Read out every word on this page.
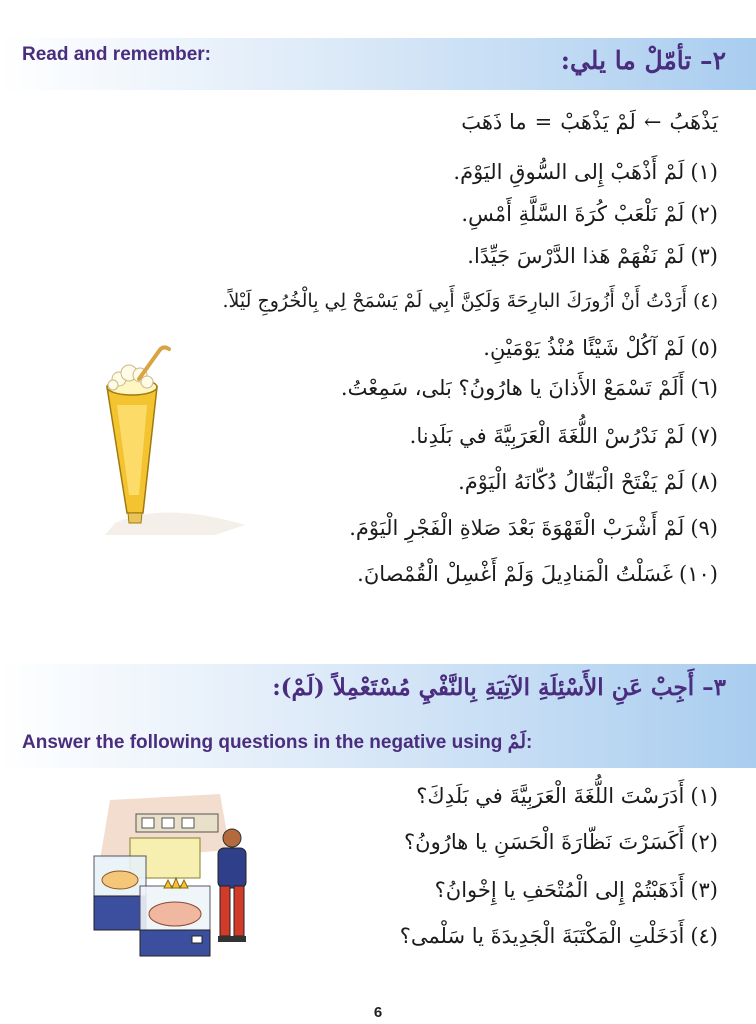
Read and remember:	٢– تأمّلْ ما يلي:
يَذْهَبُ←لَمْ يَذْهَبْ=ما ذَهَبَ
(١)لَمْ أَذْهَبْ إِلى السُّوقِ اليَوْمَ.
(٢)لَمْ نَلْعَبْ كُرَةَ السَّلَّةِ أَمْسِ.
(٣)لَمْ نَفْهَمْ هَذا الدَّرْسَ جَيِّدًا.
(٤)أَرَدْتُ أَنْ أَزُورَكَ البارِحَةَ وَلَكِنَّ أَبِي لَمْ يَسْمَحْ لِي بِالْخُرُوجِ لَيْلاً.
(٥)لَمْ آكُلْ شَيْئًا مُنْذُ يَوْمَيْنِ.
(٦)أَلَمْ تَسْمَعْ الأَذانَ يا هارُونُ؟ بَلى، سَمِعْتُ.
(٧)لَمْ نَدْرُسْ اللُّغَةَ الْعَرَبِيَّةَ في بَلَدِنا.
(٨)لَمْ يَفْتَحْ الْبَقّالُ دُكّانَهُ الْيَوْمَ.
(٩)لَمْ أَشْرَبْ الْقَهْوَةَ بَعْدَ صَلاةِ الْفَجْرِ الْيَوْمَ.
(١٠)غَسَلْتُ الْمَنادِيلَ وَلَمْ أَغْسِلْ الْقُمْصانَ.
٣– أَجِبْ عَنِ الأَسْئِلَةِ الآتِيَةِ بِالنَّفْيِ مُسْتَعْمِلاً (لَمْ):
Answer the following questions in the negative using لَمْ:
(١)أَدَرَسْتَ اللُّغَةَ الْعَرَبِيَّةَ في بَلَدِكَ؟
(٢)أَكَسَرْتَ نَظّارَةَ الْحَسَنِ يا هارُونُ؟
(٣)أَذَهَبْتُمْ إِلى الْمُتْحَفِ يا إِخْوانُ؟
(٤)أَدَخَلْتِ الْمَكْتَبَةَ الْجَدِيدَةَ يا سَلْمى؟
6
